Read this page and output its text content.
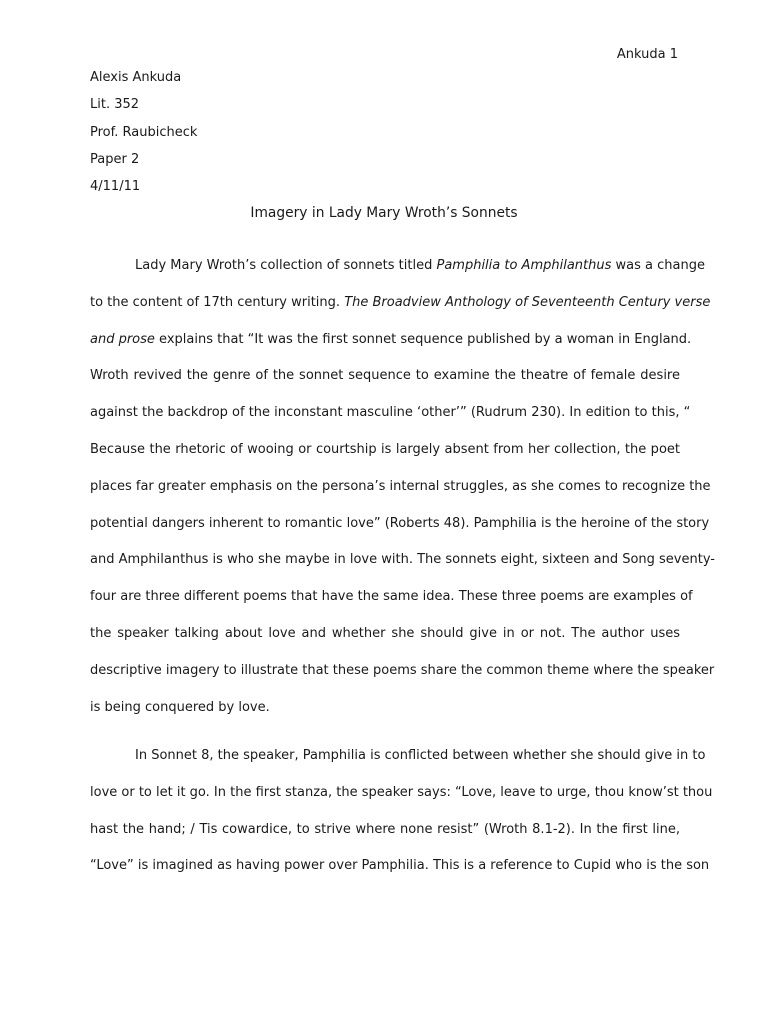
Ankuda 1
Alexis Ankuda
Lit. 352
Prof. Raubicheck
Paper 2
4/11/11
Imagery in Lady Mary Wroth’s Sonnets
Lady Mary Wroth’s collection of sonnets titled Pamphilia to Amphilanthus was a change
to the content of 17th century writing. The Broadview Anthology of Seventeenth Century verse
and prose explains that “It was the first sonnet sequence published by a woman in England.
Wroth revived the genre of the sonnet sequence to examine the theatre of female desire
against the backdrop of the inconstant masculine ‘other’” (Rudrum 230). In edition to this, “
Because the rhetoric of wooing or courtship is largely absent from her collection, the poet
places far greater emphasis on the persona’s internal struggles, as she comes to recognize the
potential dangers inherent to romantic love” (Roberts 48). Pamphilia is the heroine of the story
and Amphilanthus is who she maybe in love with. The sonnets eight, sixteen and Song seventy-
four are three different poems that have the same idea. These three poems are examples of
the speaker talking about love and whether she should give in or not. The author uses
descriptive imagery to illustrate that these poems share the common theme where the speaker
is being conquered by love.
In Sonnet 8, the speaker, Pamphilia is conflicted between whether she should give in to
love or to let it go. In the first stanza, the speaker says: “Love, leave to urge, thou know’st thou
hast the hand; / Tis cowardice, to strive where none resist” (Wroth 8.1-2). In the first line,
“Love” is imagined as having power over Pamphilia. This is a reference to Cupid who is the son
